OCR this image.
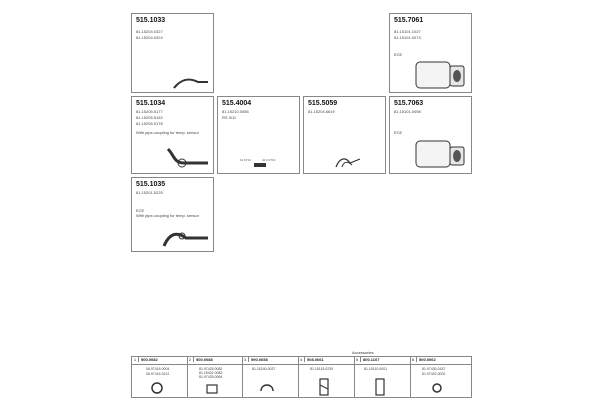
515.1033
81.15204.0327
81.15204.0324
515.7061
81.15101.1027
81.15101.0073
ECE
515.1034
81.15205.5177
81.15205.5152
81.15205.5178
With pipe-coupling for temp. sensor
515.4004
81.15210.0086
RS 3/11
12 0713	42 0 0713
515.5059
81.15204.6619
515.7063
81.15101.0098
ECE
515.1035
81.15201.5225
ECE
With pipe-coupling for temp. sensor
Accessories
1 500.0082
06.97416.0004
06.97416.0212
2 500.0088
81.97425.0082
81.15402.0083
81.97425.0064
3 590.0658
81.15240.0037
4 508.0661
81.15115.0230
5 800.1107
81.15110.0001
6 500.0062
81.97430.0187
81.97402.0002
